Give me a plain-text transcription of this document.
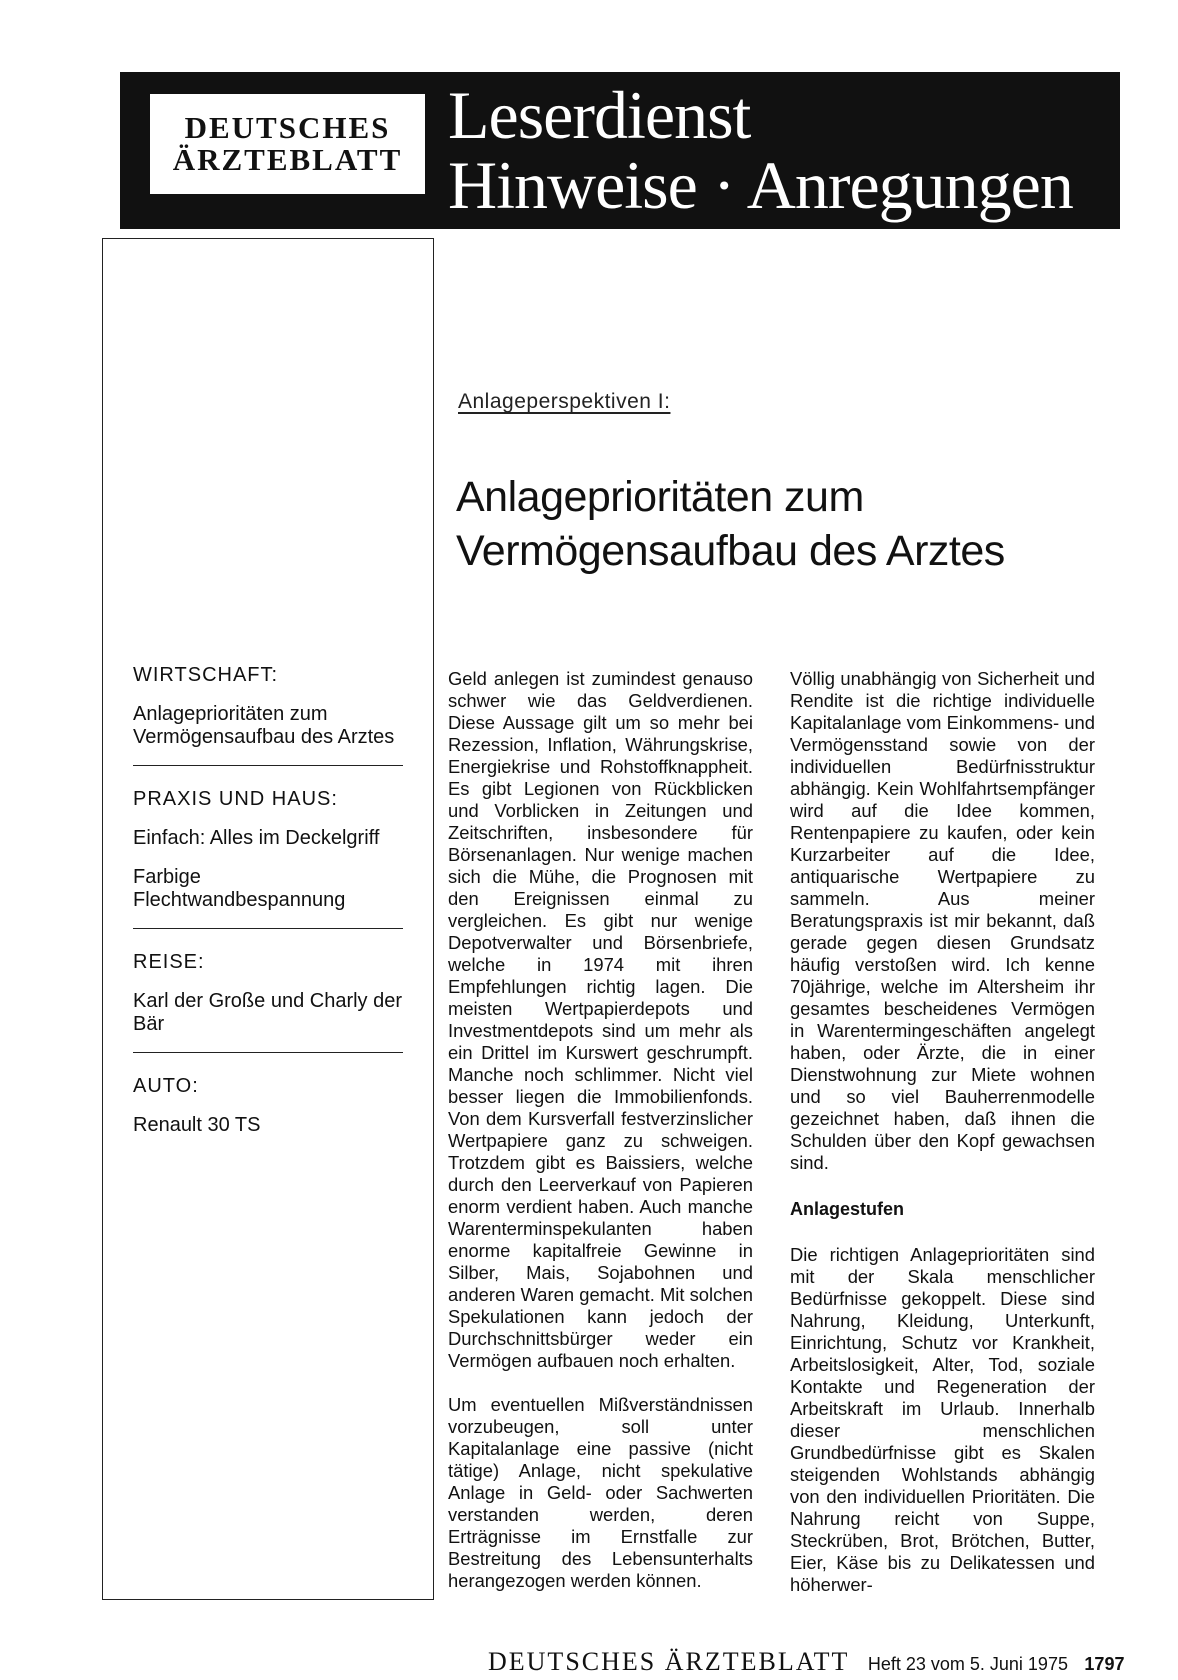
DEUTSCHES
ÄRZTEBLATT
Leserdienst
Hinweise · Anregungen
WIRTSCHAFT:
Anlageprioritäten zum Vermögensaufbau des Arztes
PRAXIS UND HAUS:
Einfach: Alles im Deckelgriff
Farbige Flechtwandbespannung
REISE:
Karl der Große und Charly der Bär
AUTO:
Renault 30 TS
Anlageperspektiven I:
Anlageprioritäten zum
Vermögensaufbau des Arztes

Geld anlegen ist zumindest genauso schwer wie das Geldverdienen. Diese Aussage gilt um so mehr bei Rezession, Inflation, Währungskrise, Energiekrise und Rohstoffknappheit. Es gibt Legionen von Rückblicken und Vorblicken in Zeitungen und Zeitschriften, insbesondere für Börsenanlagen. Nur wenige machen sich die Mühe, die Prognosen mit den Ereignissen einmal zu vergleichen. Es gibt nur wenige Depotverwalter und Börsenbriefe, welche in 1974 mit ihren Empfehlungen richtig lagen. Die meisten Wertpapierdepots und Investmentdepots sind um mehr als ein Drittel im Kurswert geschrumpft. Manche noch schlimmer. Nicht viel besser liegen die Immobilienfonds. Von dem Kursverfall festverzinslicher Wertpapiere ganz zu schweigen. Trotzdem gibt es Baissiers, welche durch den Leerverkauf von Papieren enorm verdient haben. Auch manche Warenterminspekulanten haben enorme kapitalfreie Gewinne in Silber, Mais, Sojabohnen und anderen Waren gemacht. Mit solchen Spekulationen kann jedoch der Durchschnittsbürger weder ein Vermögen aufbauen noch erhalten.

Um eventuellen Mißverständnissen vorzubeugen, soll unter Kapitalanlage eine passive (nicht tätige) Anlage, nicht spekulative Anlage in Geld- oder Sachwerten verstanden werden, deren Erträgnisse im Ernstfalle zur Bestreitung des Lebensunterhalts herangezogen werden können.

Völlig unabhängig von Sicherheit und Rendite ist die richtige individuelle Kapitalanlage vom Einkommens- und Vermögensstand sowie von der individuellen Bedürfnisstruktur abhängig. Kein Wohlfahrtsempfänger wird auf die Idee kommen, Rentenpapiere zu kaufen, oder kein Kurzarbeiter auf die Idee, antiquarische Wertpapiere zu sammeln. Aus meiner Beratungspraxis ist mir bekannt, daß gerade gegen diesen Grundsatz häufig verstoßen wird. Ich kenne 70jährige, welche im Altersheim ihr gesamtes bescheidenes Vermögen in Warentermingeschäften angelegt haben, oder Ärzte, die in einer Dienstwohnung zur Miete wohnen und so viel Bauherrenmodelle gezeichnet haben, daß ihnen die Schulden über den Kopf gewachsen sind.

Anlagestufen

Die richtigen Anlageprioritäten sind mit der Skala menschlicher Bedürfnisse gekoppelt. Diese sind Nahrung, Kleidung, Unterkunft, Einrichtung, Schutz vor Krankheit, Arbeitslosigkeit, Alter, Tod, soziale Kontakte und Regeneration der Arbeitskraft im Urlaub. Innerhalb dieser menschlichen Grundbedürfnisse gibt es Skalen steigenden Wohlstands abhängig von den individuellen Prioritäten. Die Nahrung reicht von Suppe, Steckrüben, Brot, Brötchen, Butter, Eier, Käse bis zu Delikatessen und höherwer-

DEUTSCHES ÄRZTEBLATT Heft 23 vom 5. Juni 1975 1797
